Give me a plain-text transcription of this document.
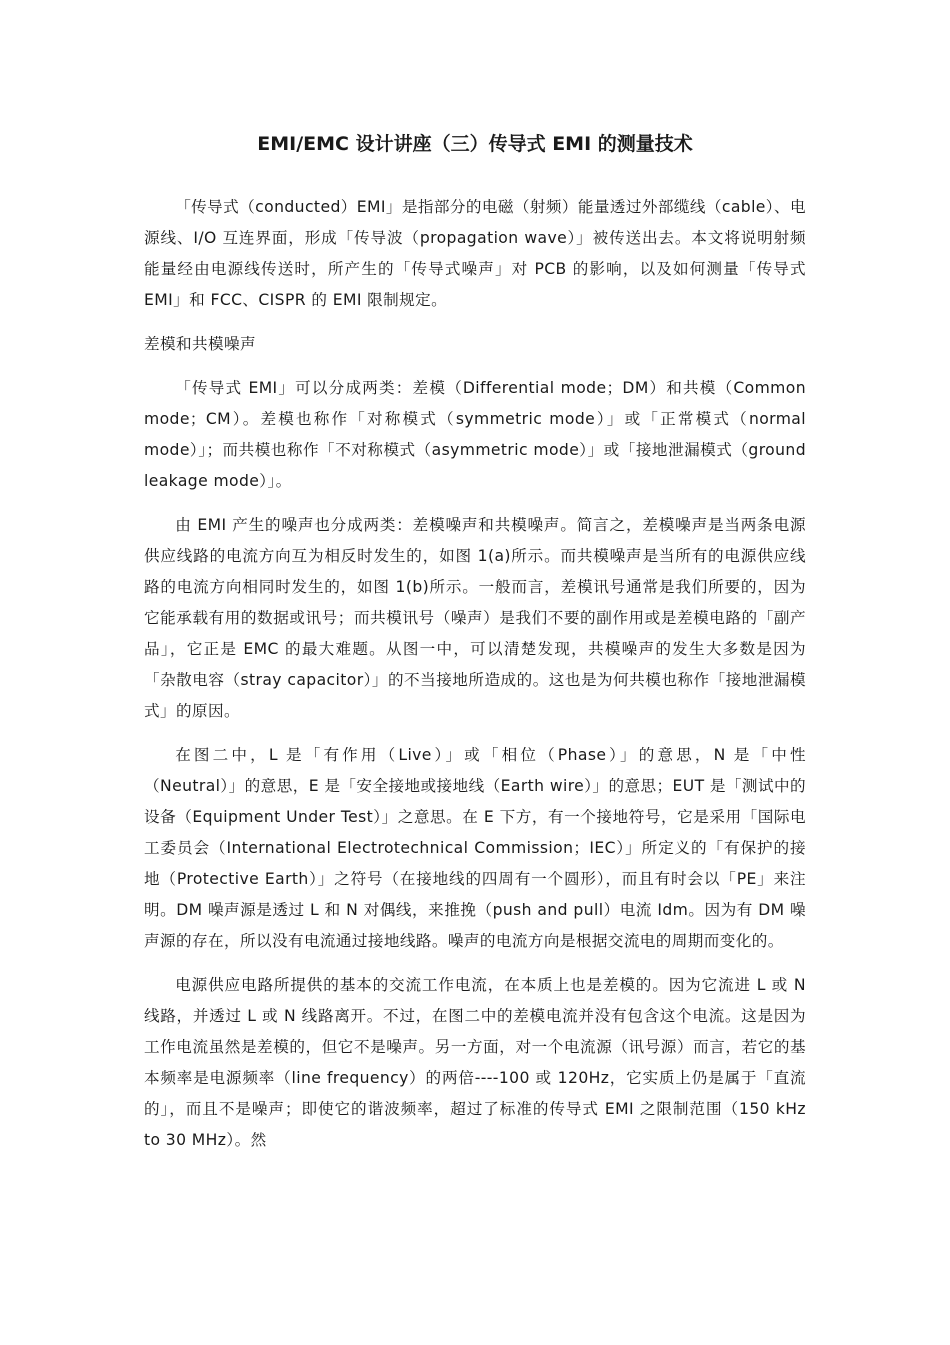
EMI/EMC 设计讲座（三）传导式 EMI 的测量技术

「传导式（conducted）EMI」是指部分的电磁（射频）能量透过外部缆线（cable）、电源线、I/O 互连界面，形成「传导波（propagation wave）」被传送出去。本文将说明射频能量经由电源线传送时，所产生的「传导式噪声」对 PCB 的影响，以及如何测量「传导式 EMI」和 FCC、CISPR 的 EMI 限制规定。

差模和共模噪声

「传导式 EMI」可以分成两类：差模（Differential mode；DM）和共模（Common mode；CM）。差模也称作「对称模式（symmetric mode）」或「正常模式（normal mode）」；而共模也称作「不对称模式（asymmetric mode）」或「接地泄漏模式（ground leakage mode）」。

由 EMI 产生的噪声也分成两类：差模噪声和共模噪声。简言之，差模噪声是当两条电源供应线路的电流方向互为相反时发生的，如图 1(a)所示。而共模噪声是当所有的电源供应线路的电流方向相同时发生的，如图 1(b)所示。一般而言，差模讯号通常是我们所要的，因为它能承载有用的数据或讯号；而共模讯号（噪声）是我们不要的副作用或是差模电路的「副产品」，它正是 EMC 的最大难题。从图一中，可以清楚发现，共模噪声的发生大多数是因为「杂散电容（stray capacitor）」的不当接地所造成的。这也是为何共模也称作「接地泄漏模式」的原因。

在图二中，L 是「有作用（Live）」或「相位（Phase）」的意思，N 是「中性（Neutral）」的意思，E 是「安全接地或接地线（Earth wire）」的意思；EUT 是「测试中的设备（Equipment Under Test）」之意思。在 E 下方，有一个接地符号，它是采用「国际电工委员会（International Electrotechnical Commission；IEC）」所定义的「有保护的接地（Protective Earth）」之符号（在接地线的四周有一个圆形），而且有时会以「PE」来注明。DM 噪声源是透过 L 和 N 对偶线，来推挽（push and pull）电流 Idm。因为有 DM 噪声源的存在，所以没有电流通过接地线路。噪声的电流方向是根据交流电的周期而变化的。

电源供应电路所提供的基本的交流工作电流，在本质上也是差模的。因为它流进 L 或 N 线路，并透过 L 或 N 线路离开。不过，在图二中的差模电流并没有包含这个电流。这是因为工作电流虽然是差模的，但它不是噪声。另一方面，对一个电流源（讯号源）而言，若它的基本频率是电源频率（line frequency）的两倍----100 或 120Hz，它实质上仍是属于「直流的」，而且不是噪声；即使它的谐波频率，超过了标准的传导式 EMI 之限制范围（150 kHz to 30 MHz）。然
